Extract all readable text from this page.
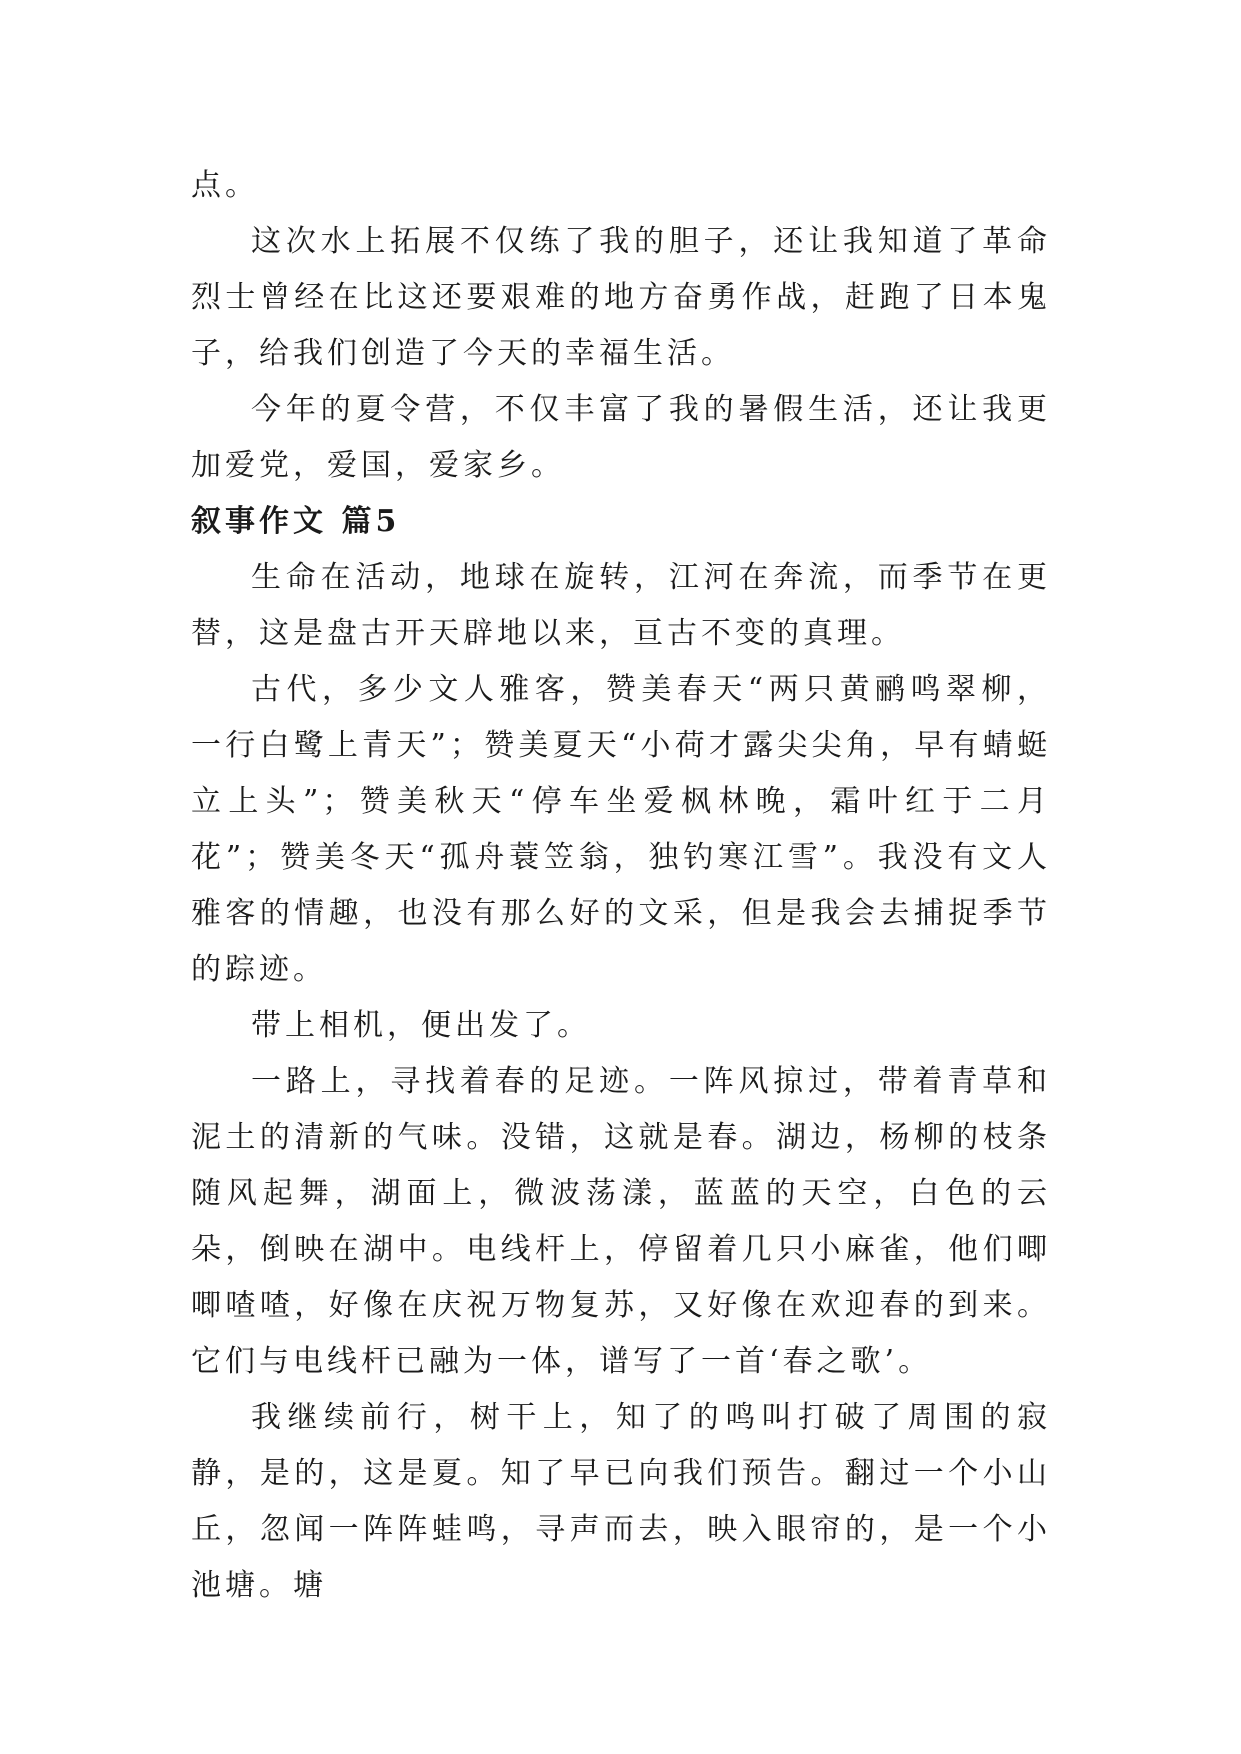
点。

这次水上拓展不仅练了我的胆子，还让我知道了革命烈士曾经在比这还要艰难的地方奋勇作战，赶跑了日本鬼子，给我们创造了今天的幸福生活。

今年的夏令营，不仅丰富了我的暑假生活，还让我更加爱党，爱国，爱家乡。

叙事作文 篇5

生命在活动，地球在旋转，江河在奔流，而季节在更替，这是盘古开天辟地以来，亘古不变的真理。

古代，多少文人雅客，赞美春天“两只黄鹂鸣翠柳，一行白鹭上青天”；赞美夏天“小荷才露尖尖角，早有蜻蜓立上头”；赞美秋天“停车坐爱枫林晚，霜叶红于二月花”；赞美冬天“孤舟蓑笠翁，独钓寒江雪”。我没有文人雅客的情趣，也没有那么好的文采，但是我会去捕捉季节的踪迹。

带上相机，便出发了。

一路上，寻找着春的足迹。一阵风掠过，带着青草和泥土的清新的气味。没错，这就是春。湖边，杨柳的枝条随风起舞，湖面上，微波荡漾，蓝蓝的天空，白色的云朵，倒映在湖中。电线杆上，停留着几只小麻雀，他们唧唧喳喳，好像在庆祝万物复苏，又好像在欢迎春的到来。它们与电线杆已融为一体，谱写了一首‘春之歌’。

我继续前行，树干上，知了的鸣叫打破了周围的寂静，是的，这是夏。知了早已向我们预告。翻过一个小山丘，忽闻一阵阵蛙鸣，寻声而去，映入眼帘的，是一个小池塘。塘
